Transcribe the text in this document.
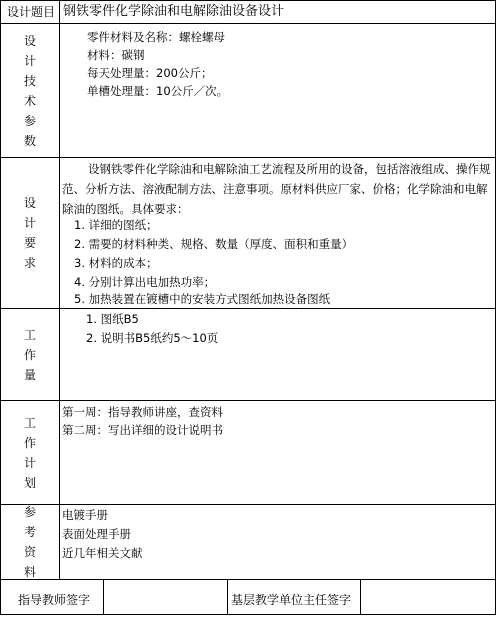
设计题目 钢铁零件化学除油和电解除油设备设计
设
计
技
术
参
数
零件材料及名称：螺栓螺母
材料：碳钢
每天处理量：200公斤；
单槽处理量：10公斤／次。
设
计
要
求
设钢铁零件化学除油和电解除油工艺流程及所用的设备，包括溶液组成、操作规范、分析方法、溶液配制方法、注意事项。原材料供应厂家、价格；化学除油和电解除油的图纸。具体要求：
1. 详细的图纸；
2. 需要的材料种类、规格、数量（厚度、面积和重量）
3. 材料的成本；
4. 分别计算出电加热功率；
5. 加热装置在镀槽中的安装方式图纸加热设备图纸
工
作
量
1. 图纸B5
2. 说明书B5纸约5～10页
工
作
计
划
第一周：指导教师讲座，查资料
第二周：写出详细的设计说明书
参
考
资
料
电镀手册
表面处理手册
近几年相关文献
指导教师签字	基层教学单位主任签字
